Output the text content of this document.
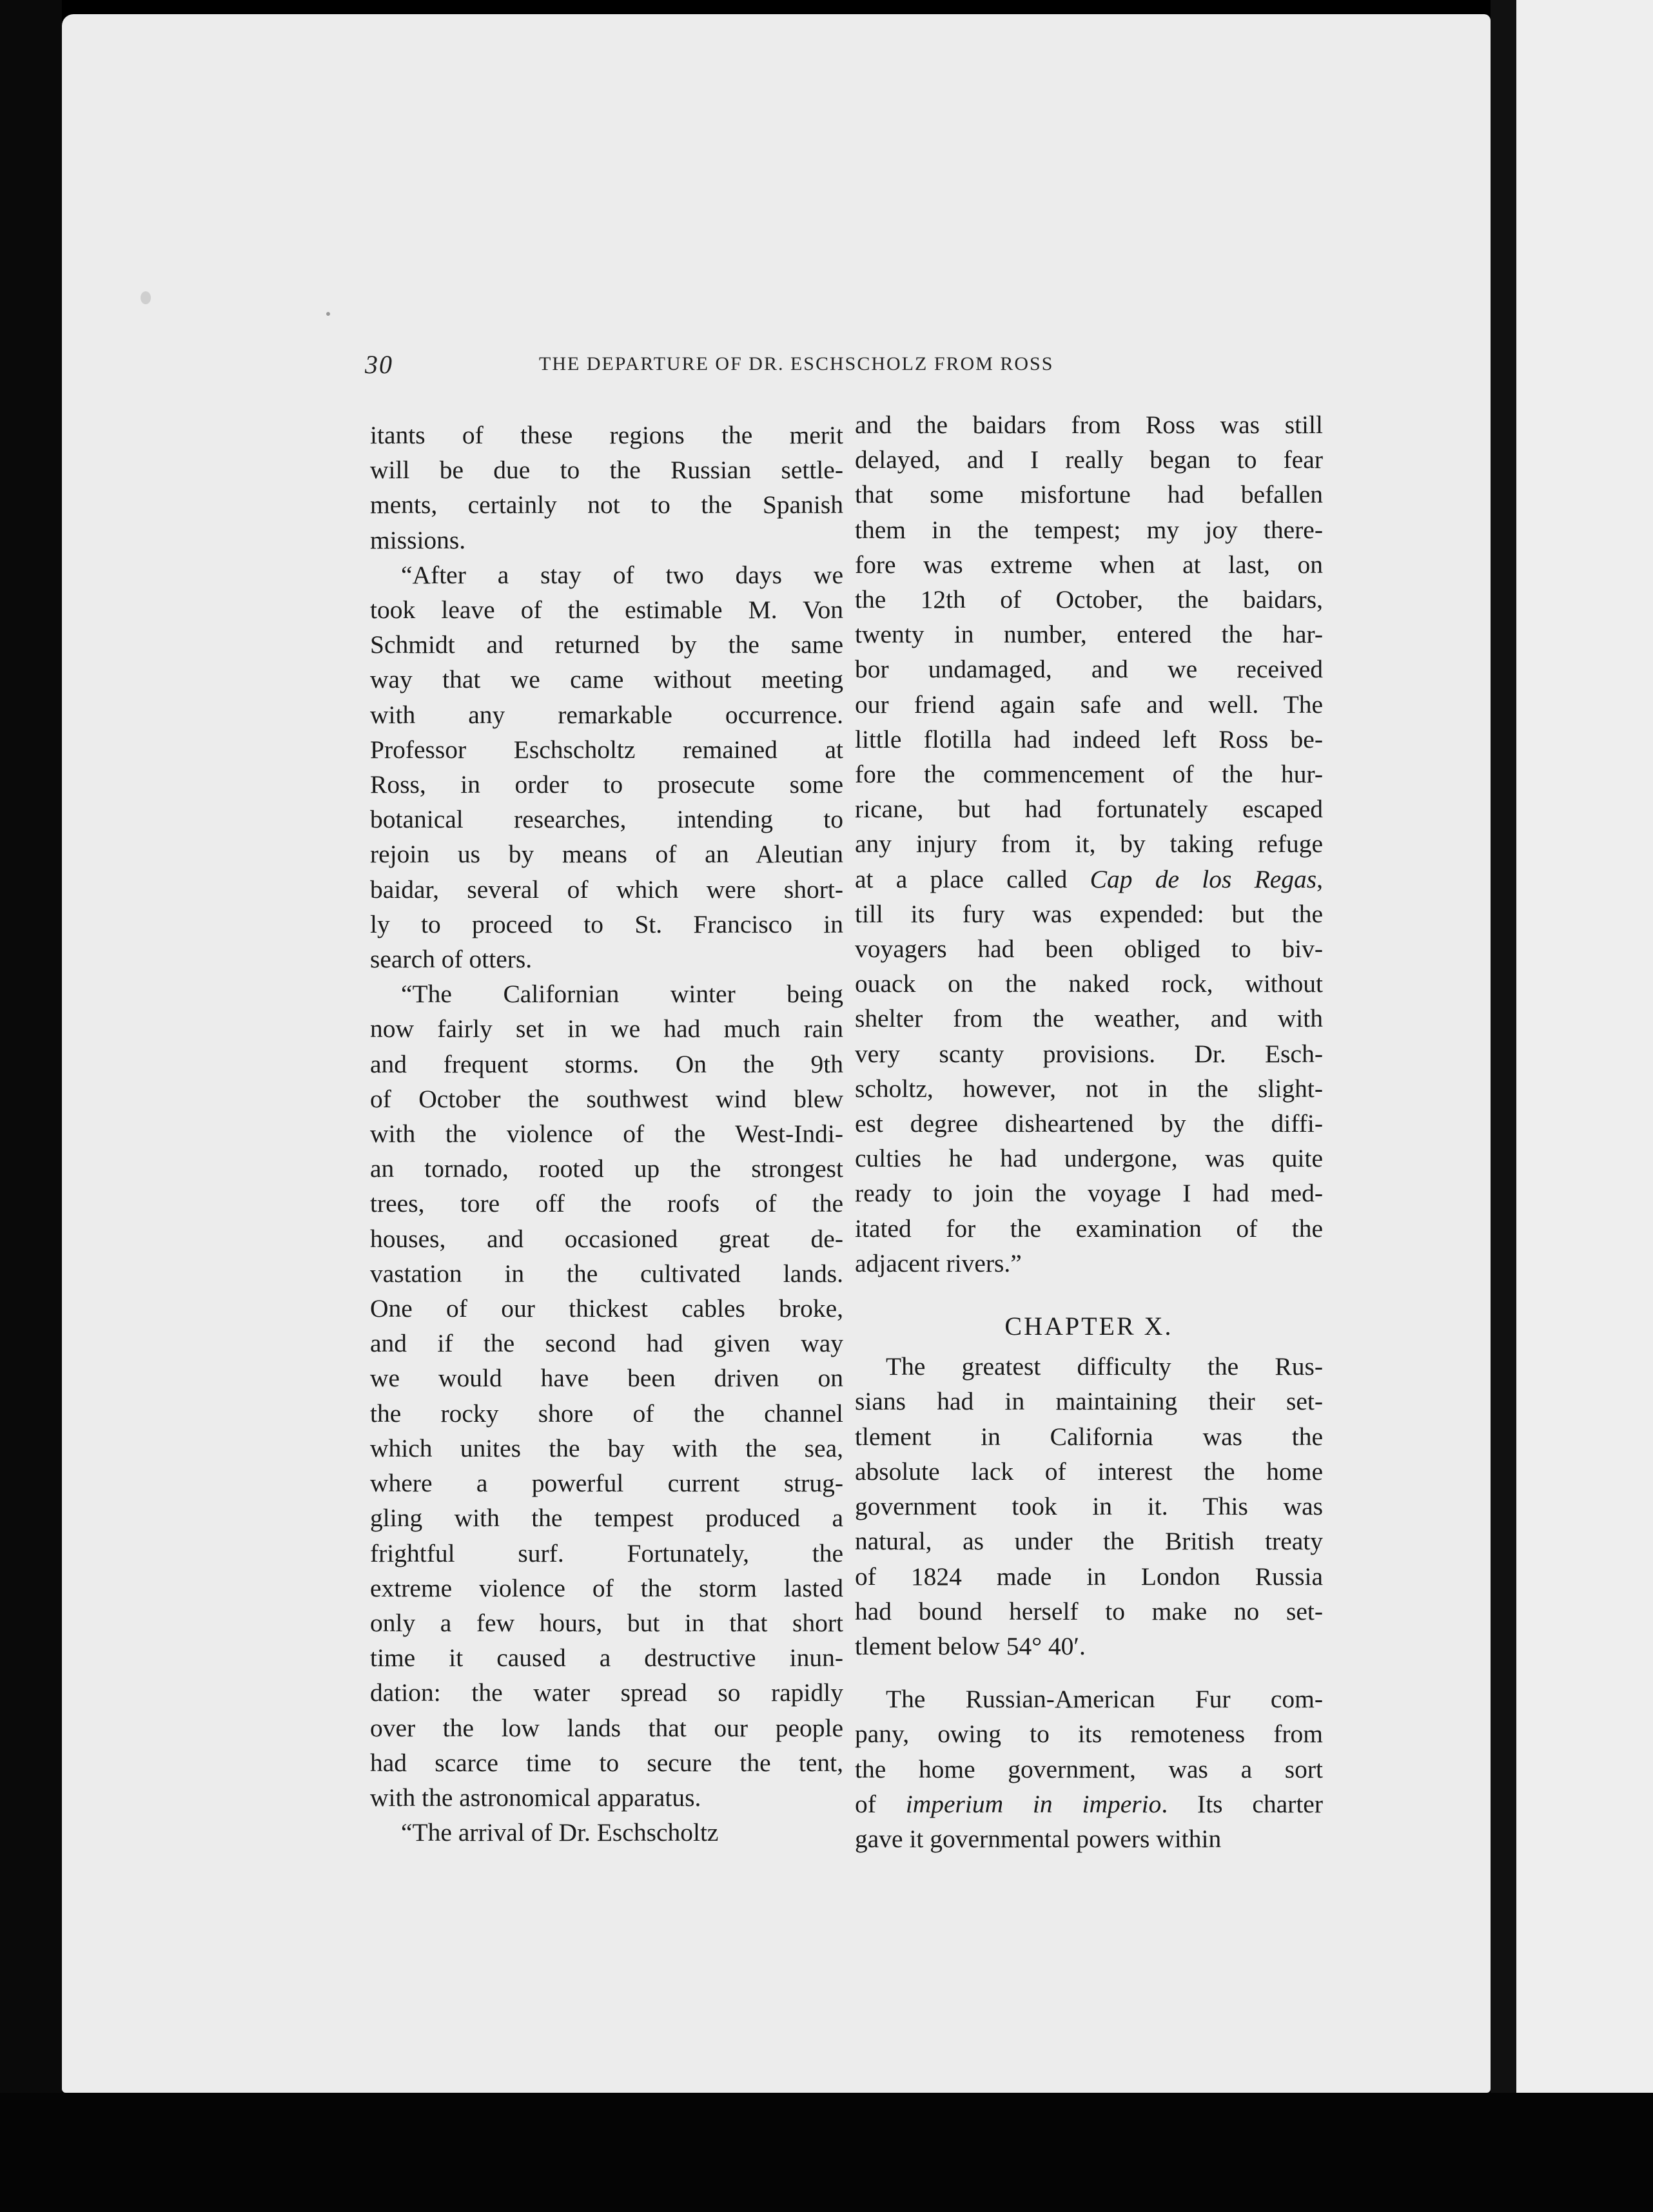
30	THE DEPARTURE OF DR. ESCHSCHOLZ FROM ROSS
itants of these regions the merit
will be due to the Russian settle-
ments, certainly not to the Spanish
missions.
“After a stay of two days we
took leave of the estimable M. Von
Schmidt and returned by the same
way that we came without meeting
with any remarkable occurrence.
Professor Eschscholtz remained at
Ross, in order to prosecute some
botanical researches, intending to
rejoin us by means of an Aleutian
baidar, several of which were short-
ly to proceed to St. Francisco in
search of otters.
“The Californian winter being
now fairly set in we had much rain
and frequent storms. On the 9th
of October the southwest wind blew
with the violence of the West-Indi-
an tornado, rooted up the strongest
trees, tore off the roofs of the
houses, and occasioned great de-
vastation in the cultivated lands.
One of our thickest cables broke,
and if the second had given way
we would have been driven on
the rocky shore of the channel
which unites the bay with the sea,
where a powerful current strug-
gling with the tempest produced a
frightful surf. Fortunately, the
extreme violence of the storm lasted
only a few hours, but in that short
time it caused a destructive inun-
dation: the water spread so rapidly
over the low lands that our people
had scarce time to secure the tent,
with the astronomical apparatus.
“The arrival of Dr. Eschscholtz
and the baidars from Ross was still
delayed, and I really began to fear
that some misfortune had befallen
them in the tempest; my joy there-
fore was extreme when at last, on
the 12th of October, the baidars,
twenty in number, entered the har-
bor undamaged, and we received
our friend again safe and well. The
little flotilla had indeed left Ross be-
fore the commencement of the hur-
ricane, but had fortunately escaped
any injury from it, by taking refuge
at a place called Cap de los Regas,
till its fury was expended: but the
voyagers had been obliged to biv-
ouack on the naked rock, without
shelter from the weather, and with
very scanty provisions. Dr. Esch-
scholtz, however, not in the slight-
est degree disheartened by the diffi-
culties he had undergone, was quite
ready to join the voyage I had med-
itated for the examination of the
adjacent rivers.”
CHAPTER X.
The greatest difficulty the Rus-
sians had in maintaining their set-
tlement in California was the
absolute lack of interest the home
government took in it. This was
natural, as under the British treaty
of 1824 made in London Russia
had bound herself to make no set-
tlement below 54° 40′.
The Russian-American Fur com-
pany, owing to its remoteness from
the home government, was a sort
of imperium in imperio. Its charter
gave it governmental powers within
